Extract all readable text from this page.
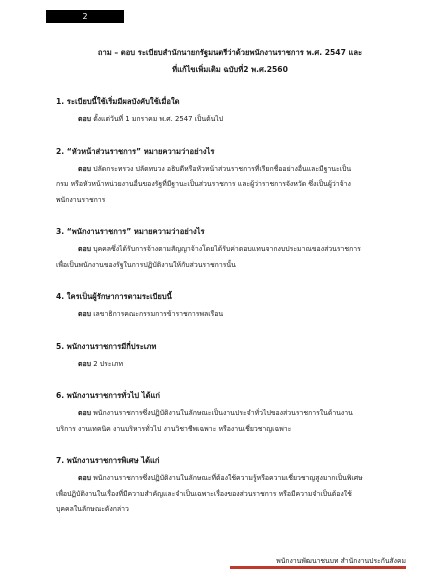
2
ถาม – ตอบ ระเบียบสำนักนายกรัฐมนตรีว่าด้วยพนักงานราชการ พ.ศ. 2547 และ
ที่แก้ไขเพิ่มเติม ฉบับที่2 พ.ศ.2560

1. ระเบียบนี้ใช้เริ่มมีผลบังคับใช้เมื่อใด

ตอบ ตั้งแต่วันที่ 1 มกราคม พ.ศ. 2547 เป็นต้นไป

2. “หัวหน้าส่วนราชการ” หมายความว่าอย่างไร

ตอบ ปลัดกระทรวง ปลัดทบวง อธิบดีหรือหัวหน้าส่วนราชการที่เรียกชื่ออย่างอื่นและมีฐานะเป็น
กรม หรือหัวหน้าหน่วยงานอื่นของรัฐที่มีฐานะเป็นส่วนราชการ และผู้ว่าราชการจังหวัด ซึ่งเป็นผู้ว่าจ้าง
พนักงานราชการ

3. “พนักงานราชการ” หมายความว่าอย่างไร

ตอบ บุคคลซึ่งได้รับการจ้างตามสัญญาจ้างโดยได้รับค่าตอบแทนจากงบประมาณของส่วนราชการ
เพื่อเป็นพนักงานของรัฐในการปฏิบัติงานให้กับส่วนราชการนั้น

4. ใครเป็นผู้รักษาการตามระเบียบนี้

ตอบ เลขาธิการคณะกรรมการข้าราชการพลเรือน

5. พนักงานราชการมีกี่ประเภท

ตอบ 2 ประเภท

6. พนักงานราชการทั่วไป ได้แก่

ตอบ พนักงานราชการซึ่งปฏิบัติงานในลักษณะเป็นงานประจำทั่วไปของส่วนราชการในด้านงาน
บริการ งานเทคนิค งานบริหารทั่วไป งานวิชาชีพเฉพาะ หรืองานเชี่ยวชาญเฉพาะ

7. พนักงานราชการพิเศษ ได้แก่

ตอบ พนักงานราชการซึ่งปฏิบัติงานในลักษณะที่ต้องใช้ความรู้หรือความเชี่ยวชาญสูงมากเป็นพิเศษ
เพื่อปฏิบัติงานในเรื่องที่มีความสำคัญและจำเป็นเฉพาะเรื่องของส่วนราชการ หรือมีความจำเป็นต้องใช้
บุคคลในลักษณะดังกล่าว

พนักงานพัฒนาชนบท สำนักงานประกันสังคม
